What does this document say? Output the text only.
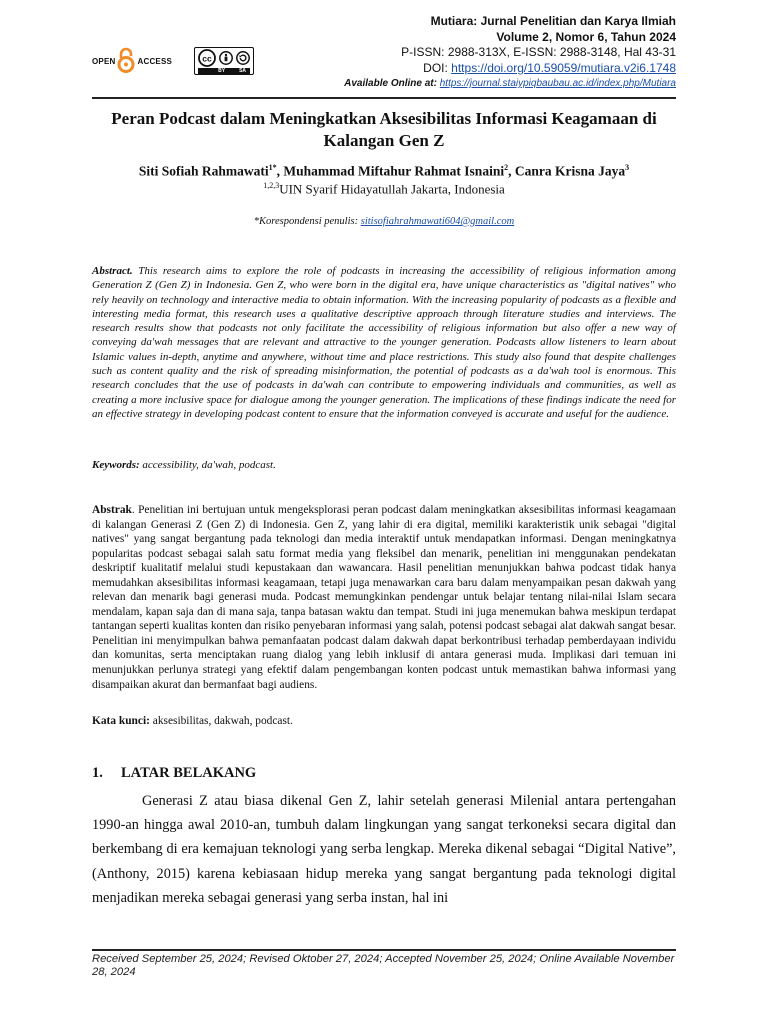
OPEN	ACCESS	cc
BY	SA
Mutiara: Jurnal Penelitian dan Karya Ilmiah
Volume 2, Nomor 6, Tahun 2024
P-ISSN: 2988-313X, E-ISSN: 2988-3148, Hal 43-31
DOI: https://doi.org/10.59059/mutiara.v2i6.1748
Available Online at: https://journal.staiypiqbaubau.ac.id/index.php/Mutiara
Peran Podcast dalam Meningkatkan Aksesibilitas Informasi Keagamaan di Kalangan Gen Z
Siti Sofiah Rahmawati$^{1*}$, Muhammad Miftahur Rahmat Isnaini$^2$, Canra Krisna Jaya$^3$
$^{1,2,3}$UIN Syarif Hidayatullah Jakarta, Indonesia
*Korespondensi penulis: sitisofiahrahmawati604@gmail.com
Abstract. This research aims to explore the role of podcasts in increasing the accessibility of religious information among Generation Z (Gen Z) in Indonesia. Gen Z, who were born in the digital era, have unique characteristics as "digital natives" who rely heavily on technology and interactive media to obtain information. With the increasing popularity of podcasts as a flexible and interesting media format, this research uses a qualitative descriptive approach through literature studies and interviews. The research results show that podcasts not only facilitate the accessibility of religious information but also offer a new way of conveying da'wah messages that are relevant and attractive to the younger generation. Podcasts allow listeners to learn about Islamic values in-depth, anytime and anywhere, without time and place restrictions. This study also found that despite challenges such as content quality and the risk of spreading misinformation, the potential of podcasts as a da'wah tool is enormous. This research concludes that the use of podcasts in da'wah can contribute to empowering individuals and communities, as well as creating a more inclusive space for dialogue among the younger generation. The implications of these findings indicate the need for an effective strategy in developing podcast content to ensure that the information conveyed is accurate and useful for the audience.
Keywords: accessibility, da'wah, podcast.
Abstrak. Penelitian ini bertujuan untuk mengeksplorasi peran podcast dalam meningkatkan aksesibilitas informasi keagamaan di kalangan Generasi Z (Gen Z) di Indonesia. Gen Z, yang lahir di era digital, memiliki karakteristik unik sebagai "digital natives" yang sangat bergantung pada teknologi dan media interaktif untuk mendapatkan informasi. Dengan meningkatnya popularitas podcast sebagai salah satu format media yang fleksibel dan menarik, penelitian ini menggunakan pendekatan deskriptif kualitatif melalui studi kepustakaan dan wawancara. Hasil penelitian menunjukkan bahwa podcast tidak hanya memudahkan aksesibilitas informasi keagamaan, tetapi juga menawarkan cara baru dalam menyampaikan pesan dakwah yang relevan dan menarik bagi generasi muda. Podcast memungkinkan pendengar untuk belajar tentang nilai-nilai Islam secara mendalam, kapan saja dan di mana saja, tanpa batasan waktu dan tempat. Studi ini juga menemukan bahwa meskipun terdapat tantangan seperti kualitas konten dan risiko penyebaran informasi yang salah, potensi podcast sebagai alat dakwah sangat besar. Penelitian ini menyimpulkan bahwa pemanfaatan podcast dalam dakwah dapat berkontribusi terhadap pemberdayaan individu dan komunitas, serta menciptakan ruang dialog yang lebih inklusif di antara generasi muda. Implikasi dari temuan ini menunjukkan perlunya strategi yang efektif dalam pengembangan konten podcast untuk memastikan bahwa informasi yang disampaikan akurat dan bermanfaat bagi audiens.
Kata kunci: aksesibilitas, dakwah, podcast.
1. LATAR BELAKANG
Generasi Z atau biasa dikenal Gen Z, lahir setelah generasi Milenial antara pertengahan 1990-an hingga awal 2010-an, tumbuh dalam lingkungan yang sangat terkoneksi secara digital dan berkembang di era kemajuan teknologi yang serba lengkap. Mereka dikenal sebagai “Digital Native”, (Anthony, 2015) karena kebiasaan hidup mereka yang sangat bergantung pada teknologi digital menjadikan mereka sebagai generasi yang serba instan, hal ini
Received September 25, 2024; Revised Oktober 27, 2024; Accepted November 25, 2024; Online Available November 28, 2024
